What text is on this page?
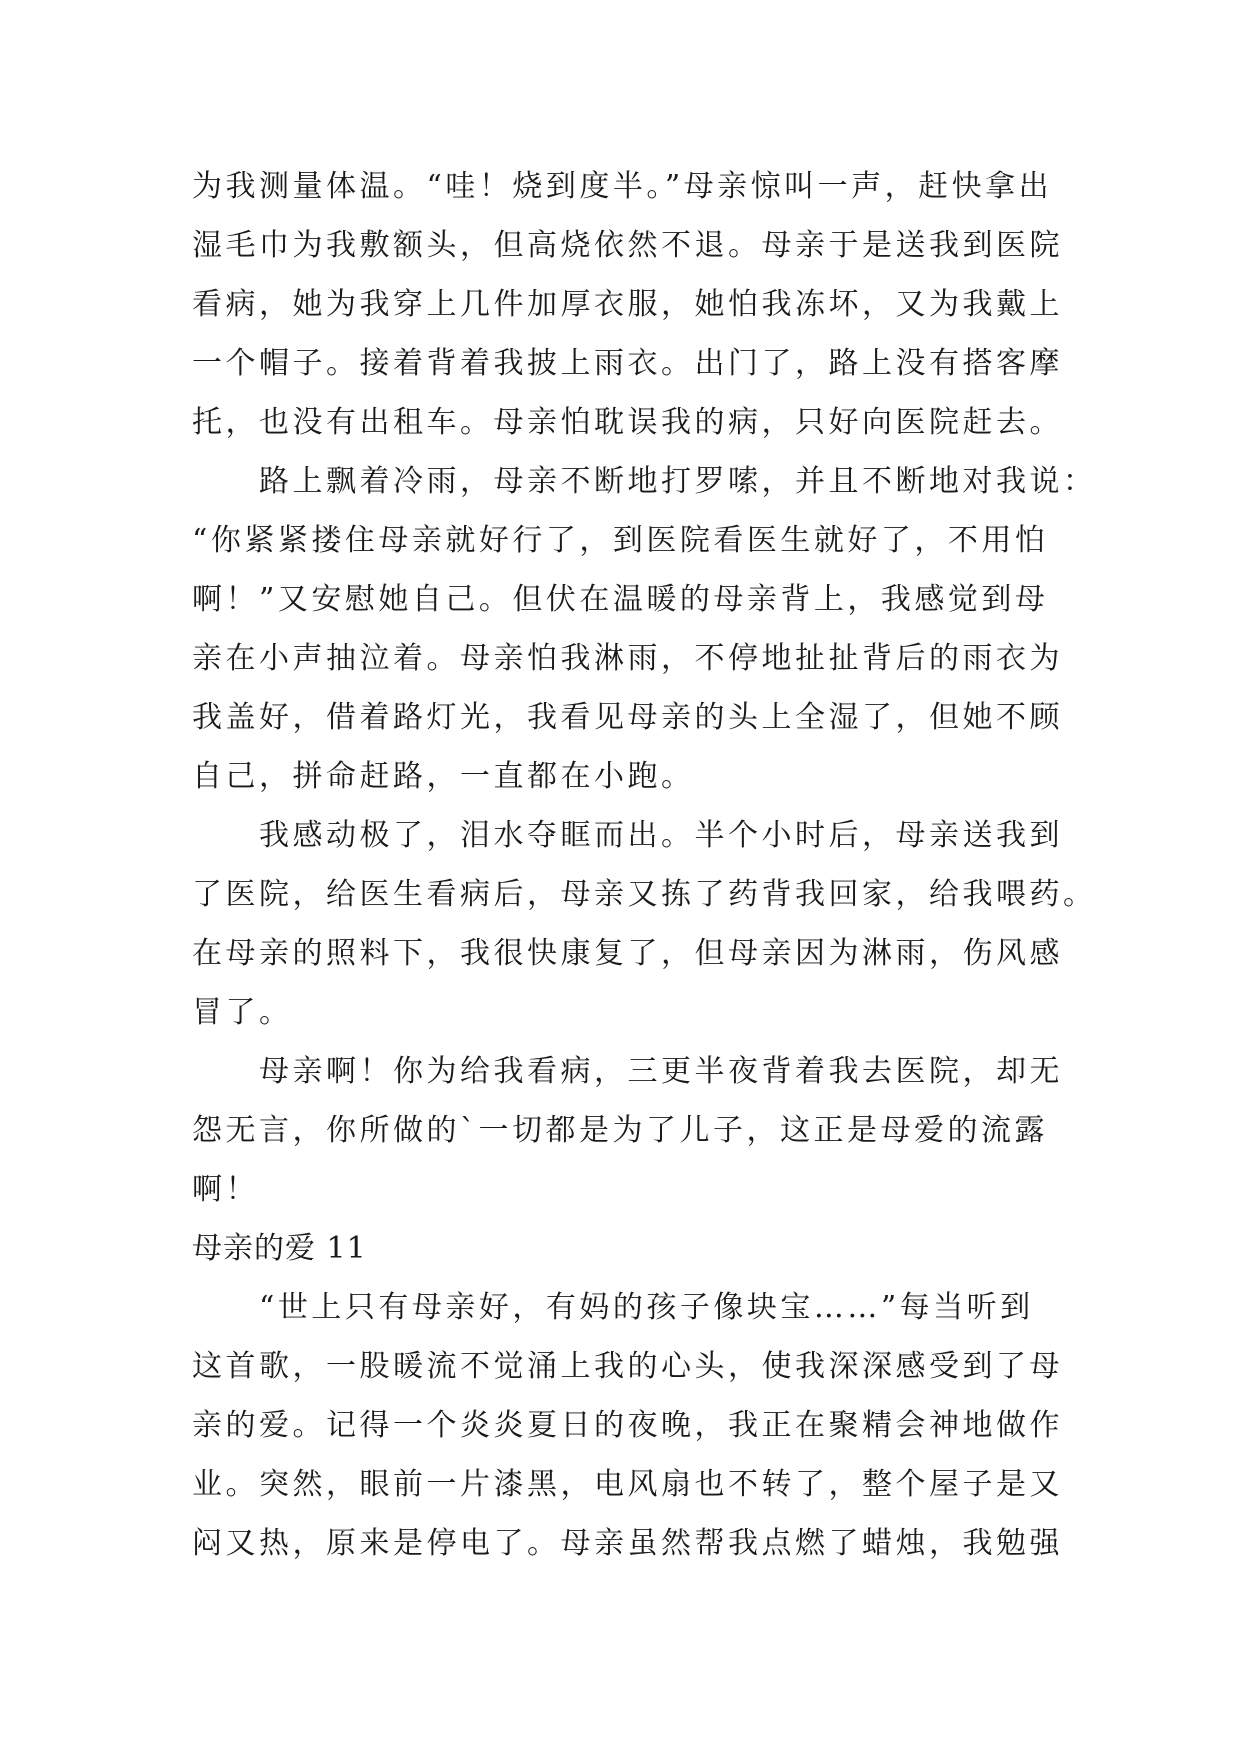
为我测量体温。“哇！烧到度半。”母亲惊叫一声，赶快拿出
湿毛巾为我敷额头，但高烧依然不退。母亲于是送我到医院
看病，她为我穿上几件加厚衣服，她怕我冻坏，又为我戴上
一个帽子。接着背着我披上雨衣。出门了，路上没有搭客摩
托，也没有出租车。母亲怕耽误我的病，只好向医院赶去。
　　路上飘着冷雨，母亲不断地打罗嗦，并且不断地对我说：
“你紧紧搂住母亲就好行了，到医院看医生就好了，不用怕
啊！”又安慰她自己。但伏在温暖的母亲背上，我感觉到母
亲在小声抽泣着。母亲怕我淋雨，不停地扯扯背后的雨衣为
我盖好，借着路灯光，我看见母亲的头上全湿了，但她不顾
自己，拼命赶路，一直都在小跑。
　　我感动极了，泪水夺眶而出。半个小时后，母亲送我到
了医院，给医生看病后，母亲又拣了药背我回家，给我喂药。
在母亲的照料下，我很快康复了，但母亲因为淋雨，伤风感
冒了。
　　母亲啊！你为给我看病，三更半夜背着我去医院，却无
怨无言，你所做的`一切都是为了儿子，这正是母爱的流露
啊！
母亲的爱 11
　　“世上只有母亲好，有妈的孩子像块宝……”每当听到
这首歌，一股暖流不觉涌上我的心头，使我深深感受到了母
亲的爱。记得一个炎炎夏日的夜晚，我正在聚精会神地做作
业。突然，眼前一片漆黑，电风扇也不转了，整个屋子是又
闷又热，原来是停电了。母亲虽然帮我点燃了蜡烛，我勉强
